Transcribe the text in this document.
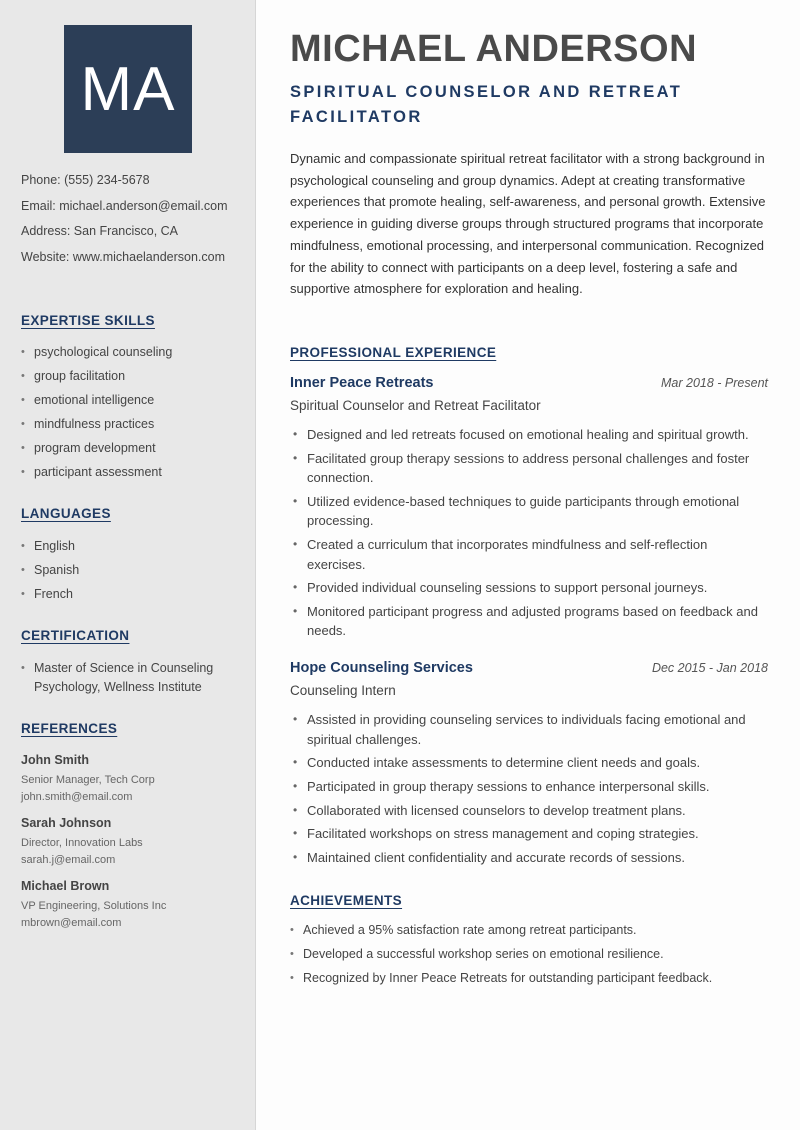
MA
Phone: (555) 234-5678
Email: michael.anderson@email.com
Address: San Francisco, CA
Website: www.michaelanderson.com
EXPERTISE SKILLS
• psychological counseling
• group facilitation
• emotional intelligence
• mindfulness practices
• program development
• participant assessment
LANGUAGES
• English
• Spanish
• French
CERTIFICATION
• Master of Science in Counseling Psychology, Wellness Institute
REFERENCES
John Smith
Senior Manager, Tech Corp
john.smith@email.com
Sarah Johnson
Director, Innovation Labs
sarah.j@email.com
Michael Brown
VP Engineering, Solutions Inc
mbrown@email.com
MICHAEL ANDERSON
SPIRITUAL COUNSELOR AND RETREAT FACILITATOR

Dynamic and compassionate spiritual retreat facilitator with a strong background in psychological counseling and group dynamics. Adept at creating transformative experiences that promote healing, self-awareness, and personal growth. Extensive experience in guiding diverse groups through structured programs that incorporate mindfulness, emotional processing, and interpersonal communication. Recognized for the ability to connect with participants on a deep level, fostering a safe and supportive atmosphere for exploration and healing.

PROFESSIONAL EXPERIENCE
Inner Peace Retreats	Mar 2018 - Present
Spiritual Counselor and Retreat Facilitator
• Designed and led retreats focused on emotional healing and spiritual growth.
• Facilitated group therapy sessions to address personal challenges and foster connection.
• Utilized evidence-based techniques to guide participants through emotional processing.
• Created a curriculum that incorporates mindfulness and self-reflection exercises.
• Provided individual counseling sessions to support personal journeys.
• Monitored participant progress and adjusted programs based on feedback and needs.
Hope Counseling Services	Dec 2015 - Jan 2018
Counseling Intern
• Assisted in providing counseling services to individuals facing emotional and spiritual challenges.
• Conducted intake assessments to determine client needs and goals.
• Participated in group therapy sessions to enhance interpersonal skills.
• Collaborated with licensed counselors to develop treatment plans.
• Facilitated workshops on stress management and coping strategies.
• Maintained client confidentiality and accurate records of sessions.
ACHIEVEMENTS
• Achieved a 95% satisfaction rate among retreat participants.
• Developed a successful workshop series on emotional resilience.
• Recognized by Inner Peace Retreats for outstanding participant feedback.
